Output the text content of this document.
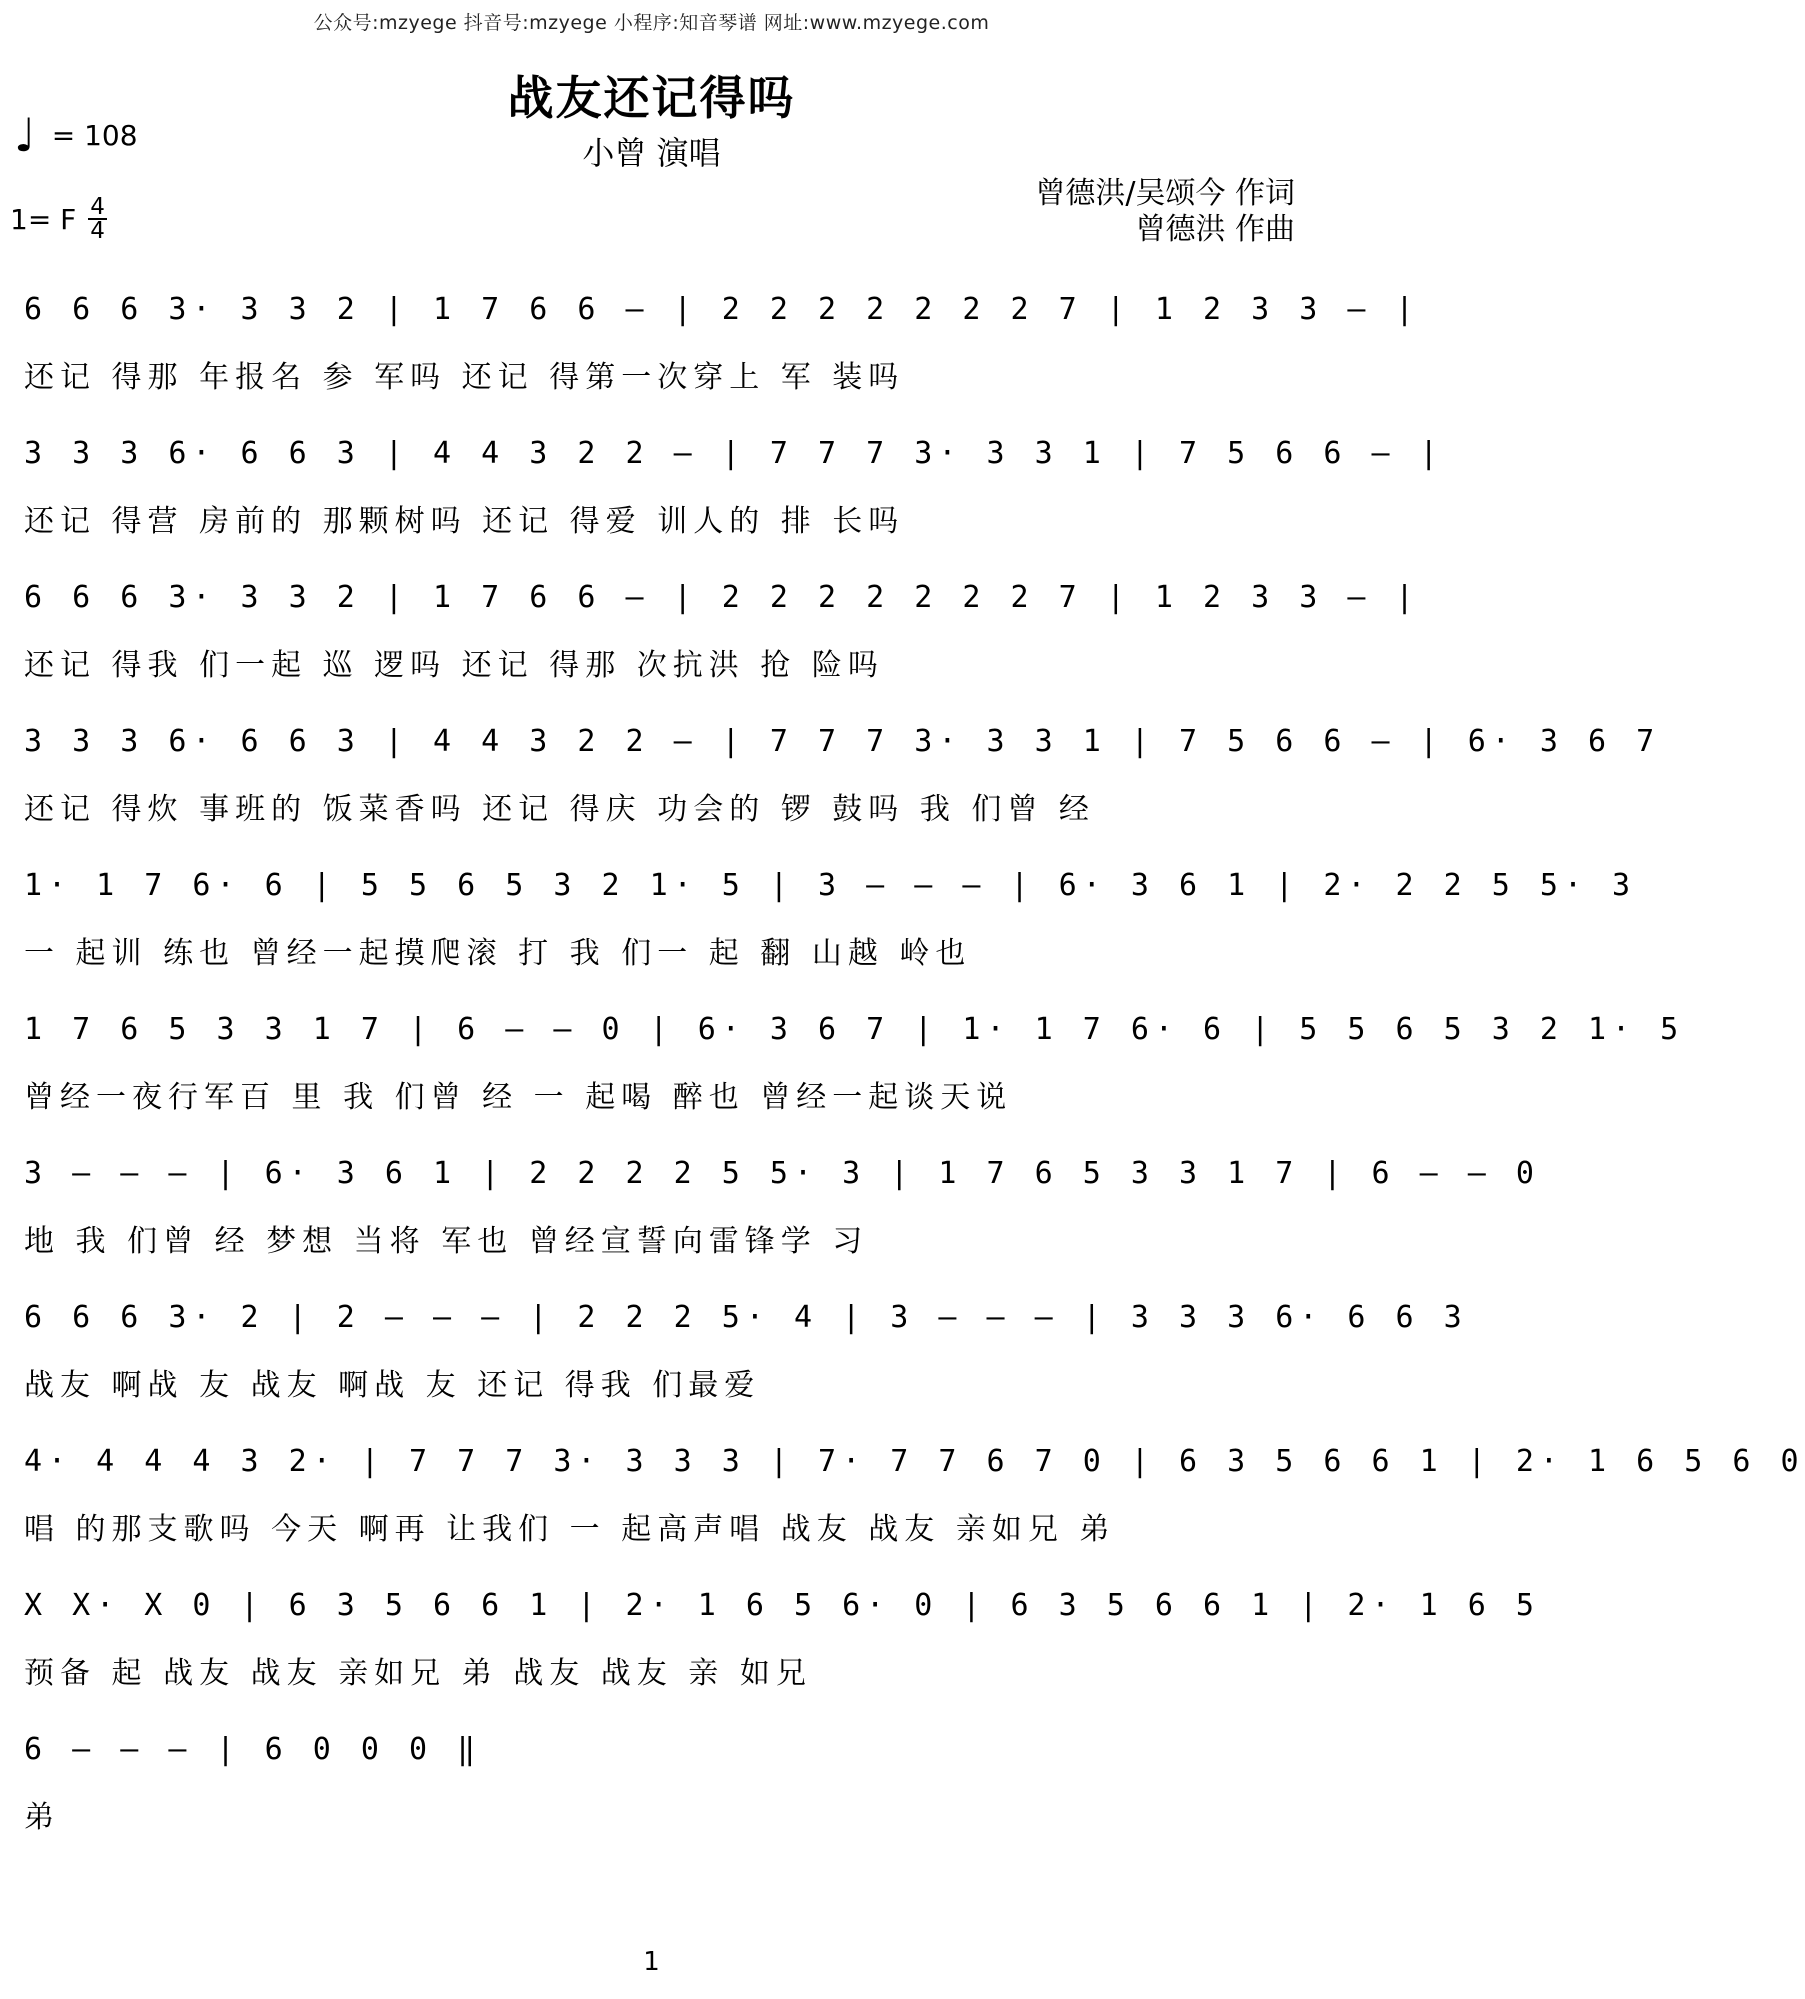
公众号:mzyege 抖音号:mzyege 小程序:知音琴谱 网址:www.mzyege.com
战友还记得吗
小曾 演唱
♩ = 108
1= F 4
4
曾德洪/吴颂今 作词
曾德洪 作曲
6 6 6 3· 3 3 2 | 1 7 6 6 – | 2 2 2 2 2 2 2 7 | 1 2 3 3 – |
还记 得那 年报名 参 军吗 还记 得第一次穿上 军 装吗
3 3 3 6· 6 6 3 | 4 4 3 2 2 – | 7 7 7 3· 3 3 1 | 7 5 6 6 – |
还记 得营 房前的 那颗树吗 还记 得爱 训人的 排 长吗
6 6 6 3· 3 3 2 | 1 7 6 6 – | 2 2 2 2 2 2 2 7 | 1 2 3 3 – |
还记 得我 们一起 巡 逻吗 还记 得那 次抗洪 抢 险吗
3 3 3 6· 6 6 3 | 4 4 3 2 2 – | 7 7 7 3· 3 3 1 | 7 5 6 6 – | 6· 3 6 7
还记 得炊 事班的 饭菜香吗 还记 得庆 功会的 锣 鼓吗 我 们曾 经
1· 1 7 6· 6 | 5 5 6 5 3 2 1· 5 | 3 – – – | 6· 3 6 1 | 2· 2 2 5 5· 3
一 起训 练也 曾经一起摸爬滚 打 我 们一 起 翻 山越 岭也
1 7 6 5 3 3 1 7 | 6 – – 0 | 6· 3 6 7 | 1· 1 7 6· 6 | 5 5 6 5 3 2 1· 5
曾经一夜行军百 里 我 们曾 经 一 起喝 醉也 曾经一起谈天说
3 – – – | 6· 3 6 1 | 2 2 2 2 5 5· 3 | 1 7 6 5 3 3 1 7 | 6 – – 0
地 我 们曾 经 梦想 当将 军也 曾经宣誓向雷锋学 习
6 6 6 3· 2 | 2 – – – | 2 2 2 5· 4 | 3 – – – | 3 3 3 6· 6 6 3
战友 啊战 友 战友 啊战 友 还记 得我 们最爱
4· 4 4 4 3 2· | 7 7 7 3· 3 3 3 | 7· 7 7 6 7 0 | 6 3 5 6 6 1 | 2· 1 6 5 6 0
唱 的那支歌吗 今天 啊再 让我们 一 起高声唱 战友 战友 亲如兄 弟
X X· X 0 | 6 3 5 6 6 1 | 2· 1 6 5 6· 0 | 6 3 5 6 6 1 | 2· 1 6 5
预备 起 战友 战友 亲如兄 弟 战友 战友 亲 如兄
6 – – – | 6 0 0 0 ‖
弟
1
